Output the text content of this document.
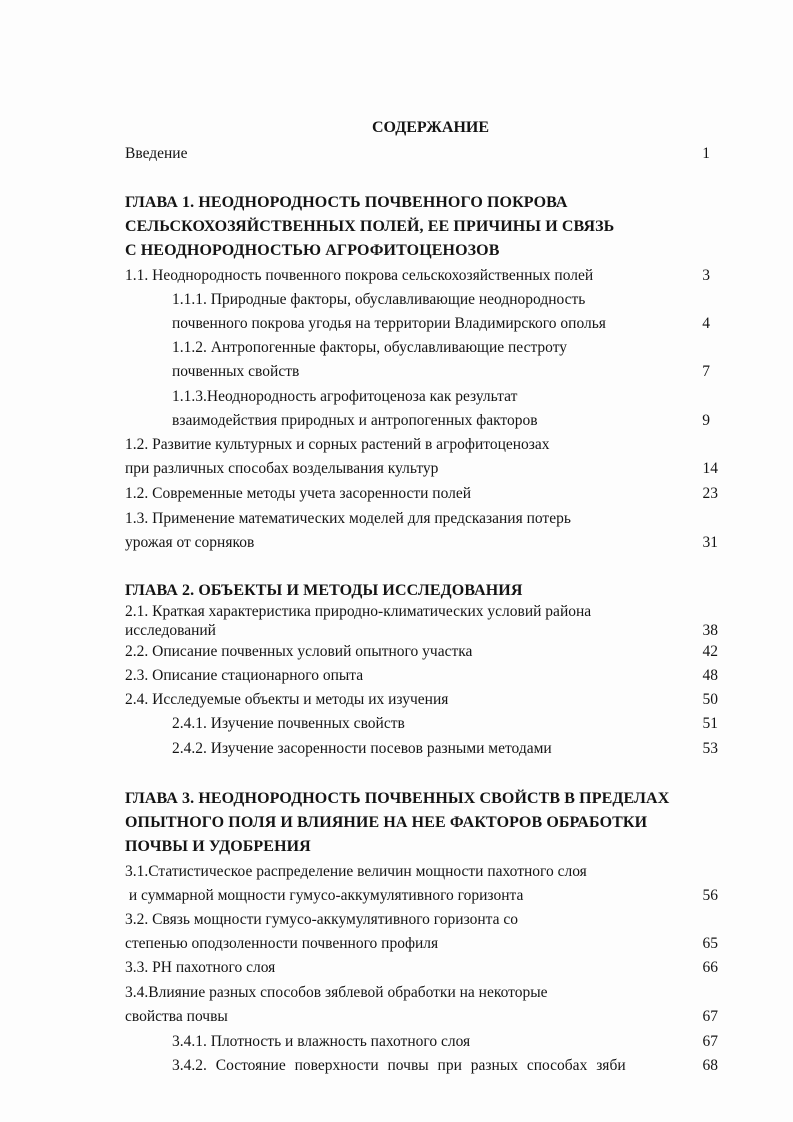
СОДЕРЖАНИЕ
Введение	1
ГЛАВА 1. НЕОДНОРОДНОСТЬ ПОЧВЕННОГО ПОКРОВА
СЕЛЬСКОХОЗЯЙСТВЕННЫХ ПОЛЕЙ, ЕЕ ПРИЧИНЫ И СВЯЗЬ
С НЕОДНОРОДНОСТЬЮ АГРОФИТОЦЕНОЗОВ
1.1. Неоднородность почвенного покрова сельскохозяйственных полей	3
1.1.1. Природные факторы, обуславливающие неоднородность
почвенного покрова угодья на территории Владимирского ополья	4
1.1.2. Антропогенные факторы, обуславливающие пестроту
почвенных свойств	7
1.1.3.Неоднородность агрофитоценоза как результат
взаимодействия природных и антропогенных факторов	9
1.2. Развитие культурных и сорных растений в агрофитоценозах
при различных способах возделывания культур	14
1.2. Современные методы учета засоренности полей	23
1.3. Применение математических моделей для предсказания потерь
урожая от сорняков	31
ГЛАВА 2. ОБЪЕКТЫ И МЕТОДЫ ИССЛЕДОВАНИЯ
2.1. Краткая характеристика природно-климатических условий района
исследований	38
2.2. Описание почвенных условий опытного участка	42
2.3. Описание стационарного опыта	48
2.4. Исследуемые объекты и методы их изучения	50
2.4.1. Изучение почвенных свойств	51
2.4.2. Изучение засоренности посевов разными методами	53
ГЛАВА 3. НЕОДНОРОДНОСТЬ ПОЧВЕННЫХ СВОЙСТВ В ПРЕДЕЛАХ
ОПЫТНОГО ПОЛЯ И ВЛИЯНИЕ НА НЕЕ ФАКТОРОВ ОБРАБОТКИ
ПОЧВЫ И УДОБРЕНИЯ
3.1.Статистическое распределение величин мощности пахотного слоя
и суммарной мощности гумусо-аккумулятивного горизонта	56
3.2. Связь мощности гумусо-аккумулятивного горизонта со
степенью оподзоленности почвенного профиля	65
3.3. РН пахотного слоя	66
3.4.Влияние разных способов зяблевой обработки на некоторые
свойства почвы	67
3.4.1. Плотность и влажность пахотного слоя	67
3.4.2. Состояние поверхности почвы при разных способах зяби	68
